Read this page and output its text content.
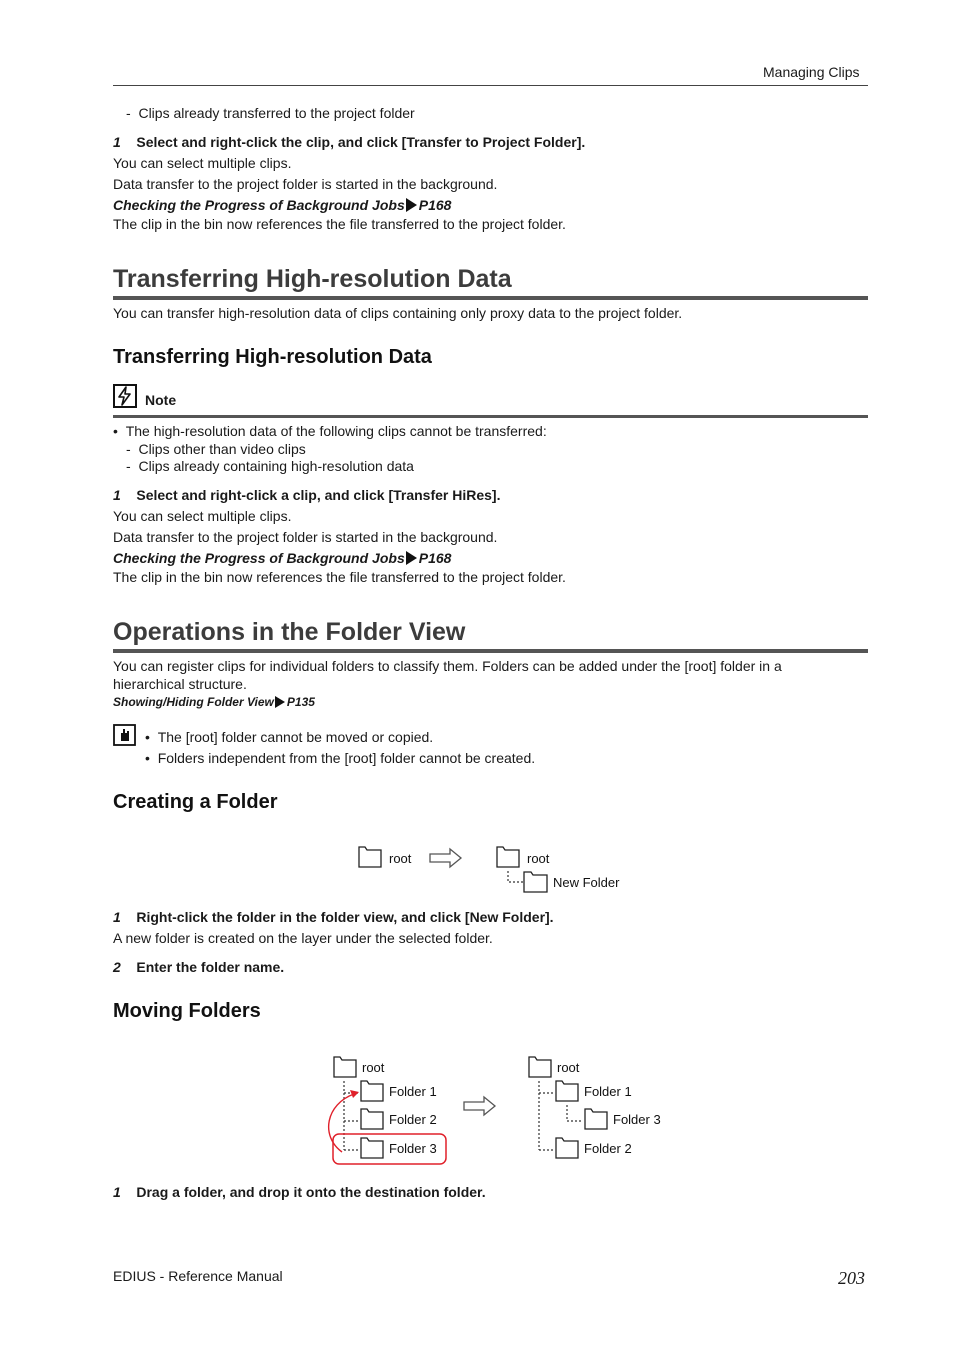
Managing Clips
-  Clips already transferred to the project folder
1 Select and right-click the clip, and click [Transfer to Project Folder].
You can select multiple clips.
Data transfer to the project folder is started in the background.
Checking the Progress of Background Jobs P168
The clip in the bin now references the file transferred to the project folder.
Transferring High-resolution Data
You can transfer high-resolution data of clips containing only proxy data to the project folder.
Transferring High-resolution Data
Note
•  The high-resolution data of the following clips cannot be transferred:
-  Clips other than video clips
-  Clips already containing high-resolution data
1 Select and right-click a clip, and click [Transfer HiRes].
You can select multiple clips.
Data transfer to the project folder is started in the background.
Checking the Progress of Background Jobs P168
The clip in the bin now references the file transferred to the project folder.
Operations in the Folder View
You can register clips for individual folders to classify them. Folders can be added under the [root] folder in a
hierarchical structure.
Showing/Hiding Folder View P135
•  The [root] folder cannot be moved or copied.
•  Folders independent from the [root] folder cannot be created.
Creating a Folder
root	root
New Folder
1 Right-click the folder in the folder view, and click [New Folder].
A new folder is created on the layer under the selected folder.
2 Enter the folder name.
Moving Folders
root
Folder 1
Folder 2
Folder 3
root
Folder 1
Folder 3
Folder 2
1 Drag a folder, and drop it onto the destination folder.
EDIUS - Reference Manual	203
